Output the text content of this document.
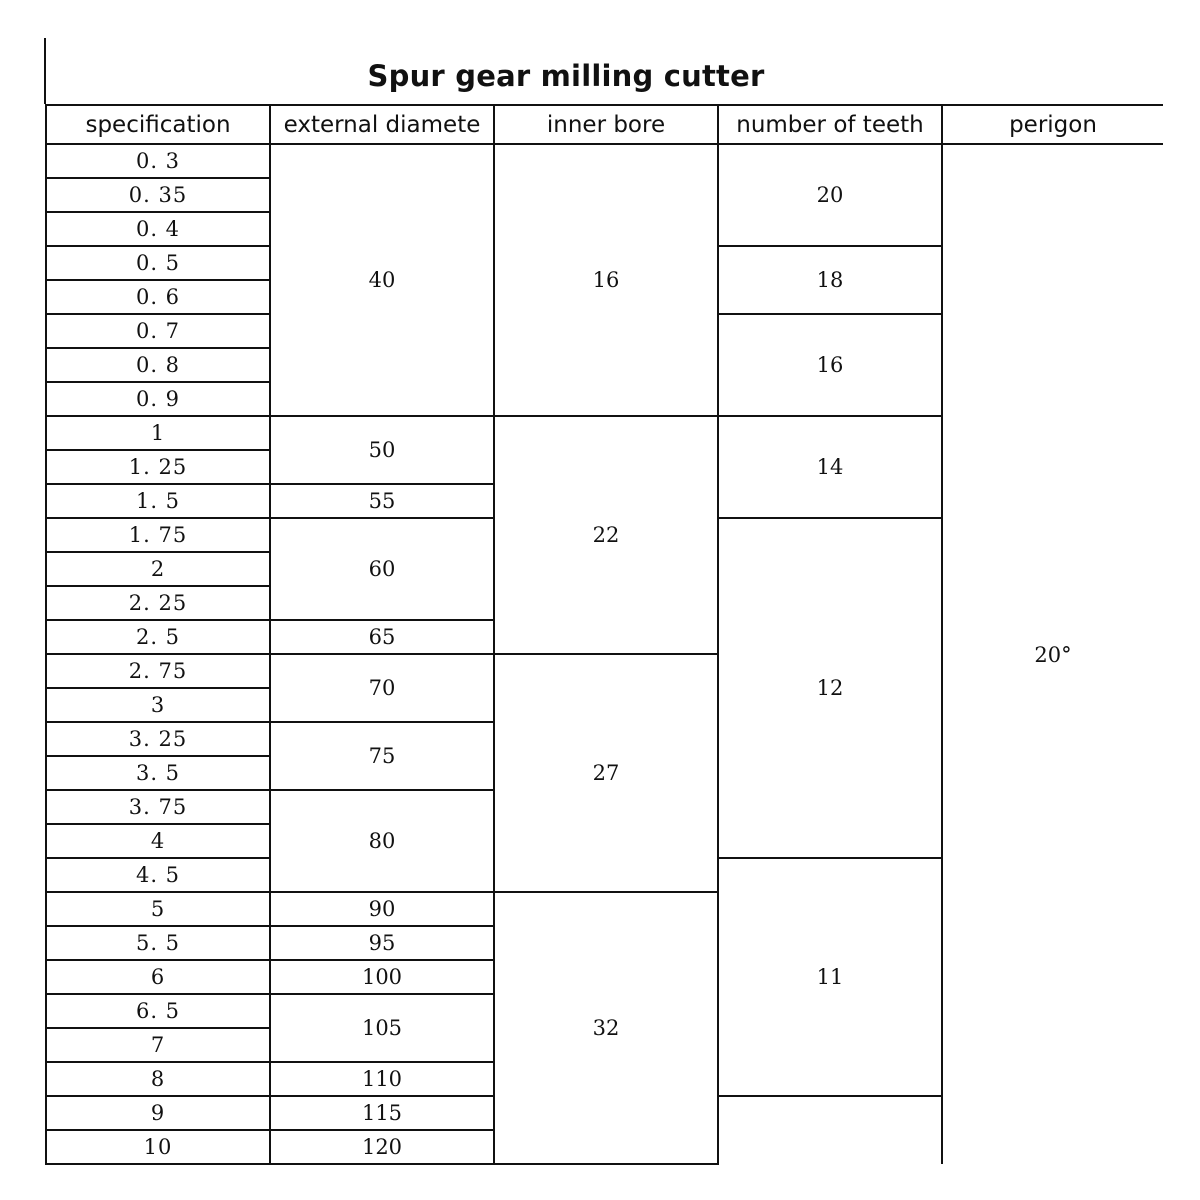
Spur gear milling cutter
specification	external diamete	inner bore	number of teeth	perigon
0. 3	40	16	20	20°
0. 35				
0. 4				
0. 5			18	
0. 6				
0. 7			16	
0. 8				
0. 9				
1	50	22	14	
1. 25				
1. 5	55			
1. 75	60		12	
2				
2. 25				
2. 5	65			
2. 75	70	27		
3				
3. 25	75			
3. 5				
3. 75	80			
4				
4. 5			11	
5	90	32		
5. 5	95			
6	100			
6. 5	105			
7				
8	110			
9	115			
10	120			
